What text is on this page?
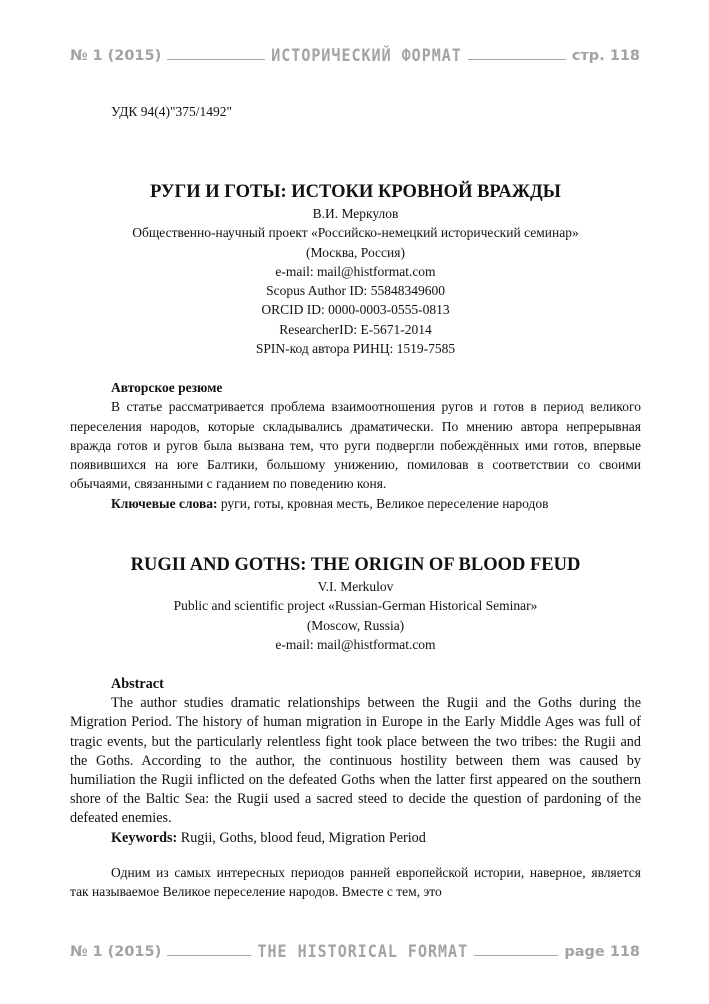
№ 1 (2015)	ИСТОРИЧЕСКИЙ ФОРМАТ	стр. 118
УДК 94(4)"375/1492"
РУГИ И ГОТЫ: ИСТОКИ КРОВНОЙ ВРАЖДЫ
В.И. Меркулов
Общественно-научный проект «Российско-немецкий исторический семинар»
(Москва, Россия)
e-mail: mail@histformat.com
Scopus Author ID: 55848349600
ORCID ID: 0000-0003-0555-0813
ResearcherID: E-5671-2014
SPIN-код автора РИНЦ: 1519-7585
Авторское резюме
В статье рассматривается проблема взаимоотношения ругов и готов в период великого переселения народов, которые складывались драматически. По мнению автора непрерывная вражда готов и ругов была вызвана тем, что руги подвергли побеждённых ими готов, впервые появившихся на юге Балтики, большому унижению, помиловав в соответствии со своими обычаями, связанными с гаданием по поведению коня.
Ключевые слова: руги, готы, кровная месть, Великое переселение народов
RUGII AND GOTHS: THE ORIGIN OF BLOOD FEUD
V.I. Merkulov
Public and scientific project «Russian-German Historical Seminar»
(Moscow, Russia)
e-mail: mail@histformat.com
Abstract
The author studies dramatic relationships between the Rugii and the Goths during the Migration Period. The history of human migration in Europe in the Early Middle Ages was full of tragic events, but the particularly relentless fight took place between the two tribes: the Rugii and the Goths. According to the author, the continuous hostility between them was caused by humiliation the Rugii inflicted on the defeated Goths when the latter first appeared on the southern shore of the Baltic Sea: the Rugii used a sacred steed to decide the question of pardoning of the defeated enemies.
Keywords: Rugii, Goths, blood feud, Migration Period
Одним из самых интересных периодов ранней европейской истории, наверное, является так называемое Великое переселение народов. Вместе с тем, это
№ 1 (2015)	THE HISTORICAL FORMAT	page 118
